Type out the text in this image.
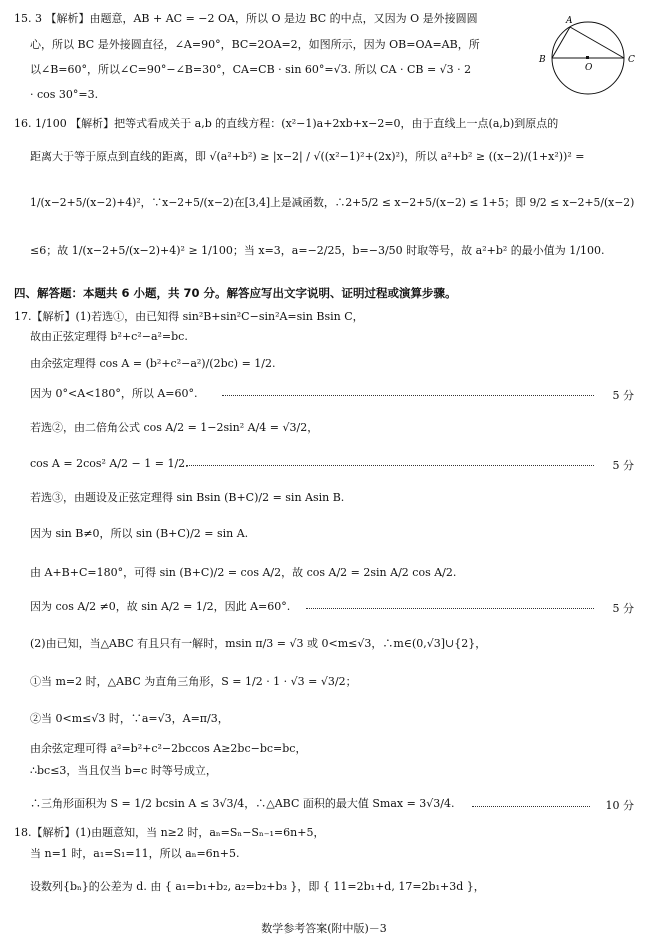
A
B	C
O
15. 3 【解析】由题意，AB + AC = −2 OA，所以 O 是边 BC 的中点，又因为 O 是外接圆圆
心，所以 BC 是外接圆直径，∠A=90°，BC=2OA=2，如图所示，因为 OB=OA=AB，所
以∠B=60°，所以∠C=90°−∠B=30°，CA=CB · sin 60°=√3. 所以 CA · CB = √3 · 2
· cos 30°=3.
16. 1/100 【解析】把等式看成关于 a,b 的直线方程：(x²−1)a+2xb+x−2=0，由于直线上一点(a,b)到原点的
距离大于等于原点到直线的距离，即 √(a²+b²) ≥ |x−2| / √((x²−1)²+(2x)²)，所以 a²+b² ≥ ((x−2)/(1+x²))² =
1/(x−2+5/(x−2)+4)²，∵x−2+5/(x−2)在[3,4]上是减函数，∴2+5/2 ≤ x−2+5/(x−2) ≤ 1+5；即 9/2 ≤ x−2+5/(x−2)
≤6；故 1/(x−2+5/(x−2)+4)² ≥ 1/100；当 x=3，a=−2/25，b=−3/50 时取等号，故 a²+b² 的最小值为 1/100.
四、解答题：本题共 6 小题，共 70 分。解答应写出文字说明、证明过程或演算步骤。
17.【解析】(1)若选①，由已知得 sin²B+sin²C−sin²A=sin Bsin C，
故由正弦定理得 b²+c²−a²=bc.
由余弦定理得 cos A = (b²+c²−a²)/(2bc) = 1/2.
因为 0°<A<180°，所以 A=60°.	5 分
若选②，由二倍角公式 cos A/2 = 1−2sin² A/4 = √3/2，
cos A = 2cos² A/2 − 1 = 1/2.	5 分
若选③，由题设及正弦定理得 sin Bsin (B+C)/2 = sin Asin B.
因为 sin B≠0，所以 sin (B+C)/2 = sin A.
由 A+B+C=180°，可得 sin (B+C)/2 = cos A/2，故 cos A/2 = 2sin A/2 cos A/2.
因为 cos A/2 ≠0，故 sin A/2 = 1/2，因此 A=60°.	5 分
(2)由已知，当△ABC 有且只有一解时，msin π/3 = √3 或 0<m≤√3，∴m∈(0,√3]∪{2}，
①当 m=2 时，△ABC 为直角三角形，S = 1/2 · 1 · √3 = √3/2；
②当 0<m≤√3 时，∵a=√3，A=π/3，
由余弦定理可得 a²=b²+c²−2bccos A≥2bc−bc=bc，
∴bc≤3，当且仅当 b=c 时等号成立，
∴三角形面积为 S = 1/2 bcsin A ≤ 3√3/4，∴△ABC 面积的最大值 Smax = 3√3/4.	10 分
18.【解析】(1)由题意知，当 n≥2 时，aₙ=Sₙ−Sₙ₋₁=6n+5，
当 n=1 时，a₁=S₁=11，所以 aₙ=6n+5.
设数列{bₙ}的公差为 d. 由 { a₁=b₁+b₂, a₂=b₂+b₃ }，即 { 11=2b₁+d, 17=2b₁+3d }，
数学参考答案(附中版)－3
